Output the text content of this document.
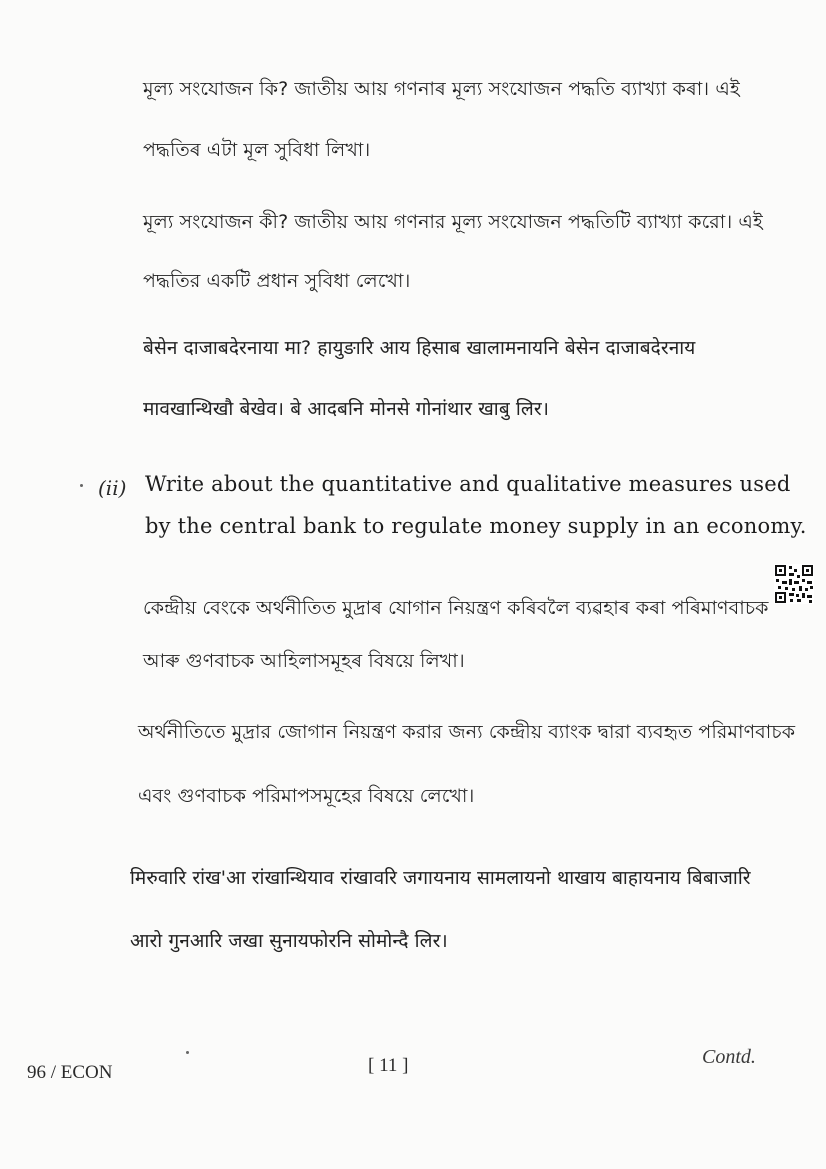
মূল্য সংযোজন কি? জাতীয় আয় গণনাৰ মূল্য সংযোজন পদ্ধতি ব্যাখ্যা কৰা। এই
পদ্ধতিৰ এটা মূল সুবিধা লিখা।
মূল্য সংযোজন কী? জাতীয় আয় গণনার মূল্য সংযোজন পদ্ধতিটি ব্যাখ্যা করো। এই
পদ্ধতির একটি প্রধান সুবিধা লেখো।
बेसेन दाजाबदेरनाया मा? हायुङारि आय हिसाब खालामनायनि बेसेन दाजाबदेरनाय
मावखान्थिखौ बेखेव। बे आदबनि मोनसे गोनांथार खाबु लिर।
(ii) Write about the quantitative and qualitative measures used
by the central bank to regulate money supply in an economy.
কেন্দ্ৰীয় বেংকে অৰ্থনীতিত মুদ্ৰাৰ যোগান নিয়ন্ত্ৰণ কৰিবলৈ ব্যৱহাৰ কৰা পৰিমাণবাচক
আৰু গুণবাচক আহিলাসমূহৰ বিষয়ে লিখা।
অর্থনীতিতে মুদ্রার জোগান নিয়ন্ত্রণ করার জন্য কেন্দ্রীয় ব্যাংক দ্বারা ব্যবহৃত পরিমাণবাচক
এবং গুণবাচক পরিমাপসমূহের বিষয়ে লেখো।
मिरुवारि रांख'आ रांखान्थियाव रांखावरि जगायनाय सामलायनो थाखाय बाहायनाय बिबाजारि
आरो गुनआरि जखा सुनायफोरनि सोमोन्दै लिर।
96 / ECON	[ 11 ]	Contd.
